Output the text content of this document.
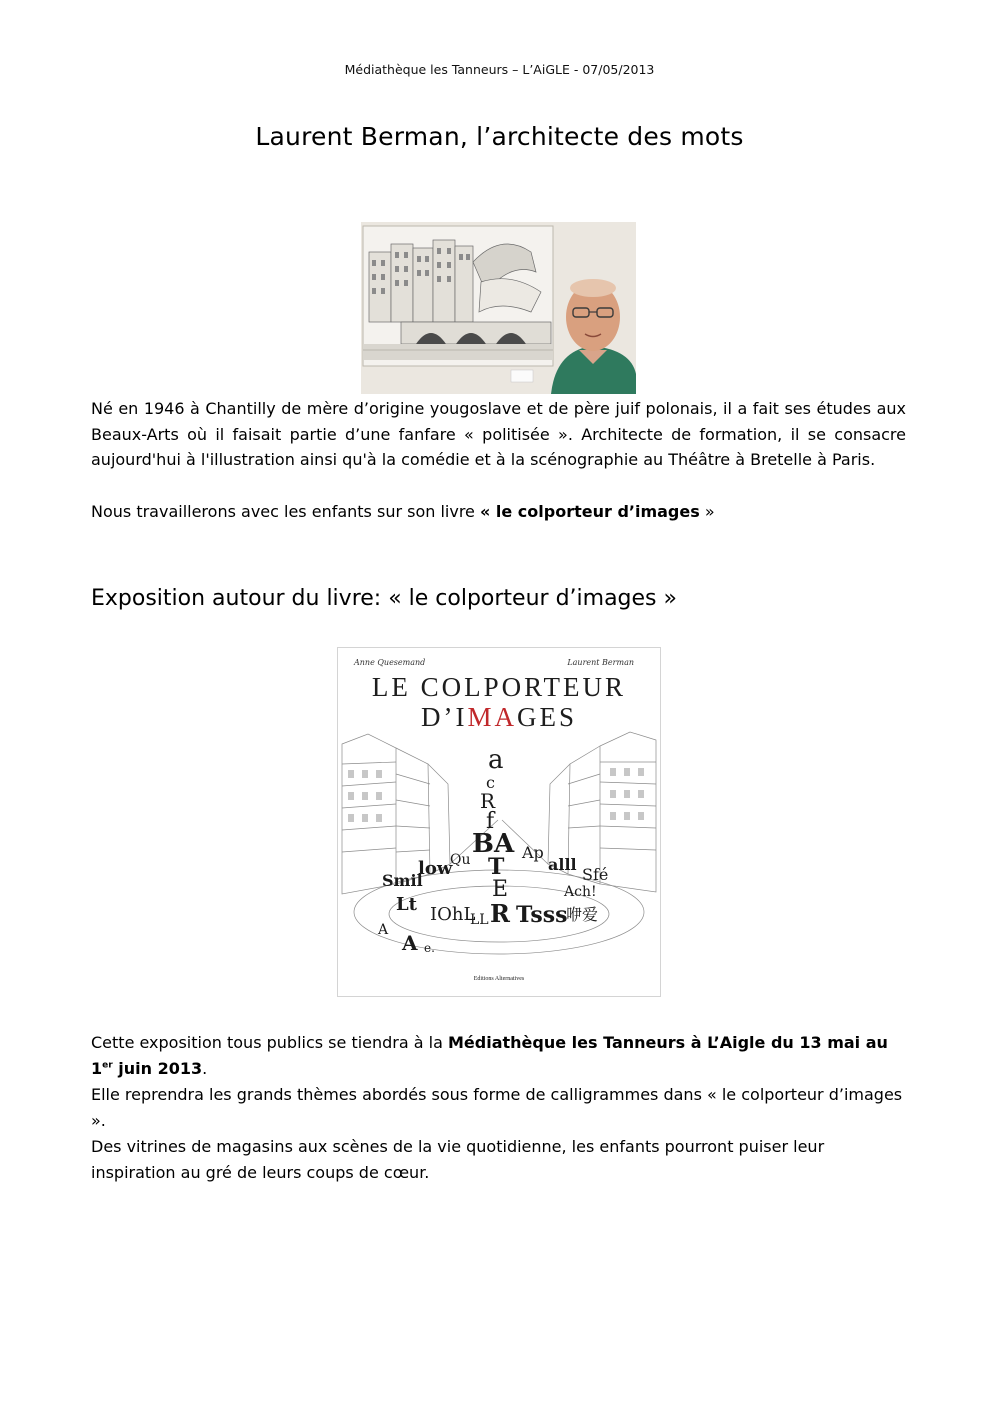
Médiathèque les Tanneurs – L’AiGLE - 07/05/2013
Laurent Berman, l’architecte des mots
Né en 1946 à Chantilly de mère d’origine yougoslave et de père juif polonais, il a fait ses études aux Beaux-Arts où il faisait partie d’une fanfare « politisée ». Architecte de formation, il se consacre aujourd'hui à l'illustration ainsi qu'à la comédie et à la scénographie au Théâtre à Bretelle à Paris.
Nous travaillerons avec les enfants sur son livre « le colporteur d’images »
Exposition autour du livre: « le colporteur d’images »
Anne Quesemand	Laurent Berman
LE COLPORTEUR
D’IMAGES
a
c
R
f
BA
T
E
R
Smil
low
Qu	Ap
alll
Sfé
Ach!
Lt IOhL
LL Tsss
咿爱
A
A e.
Editions Alternatives
Cette exposition tous publics se tiendra à la Médiathèque les Tanneurs à L’Aigle du 13 mai au 1er juin 2013.
Elle reprendra les grands thèmes abordés sous forme de calligrammes dans « le colporteur d’images ».
Des vitrines de magasins aux scènes de la vie quotidienne, les enfants pourront puiser leur inspiration au gré de leurs coups de cœur.
